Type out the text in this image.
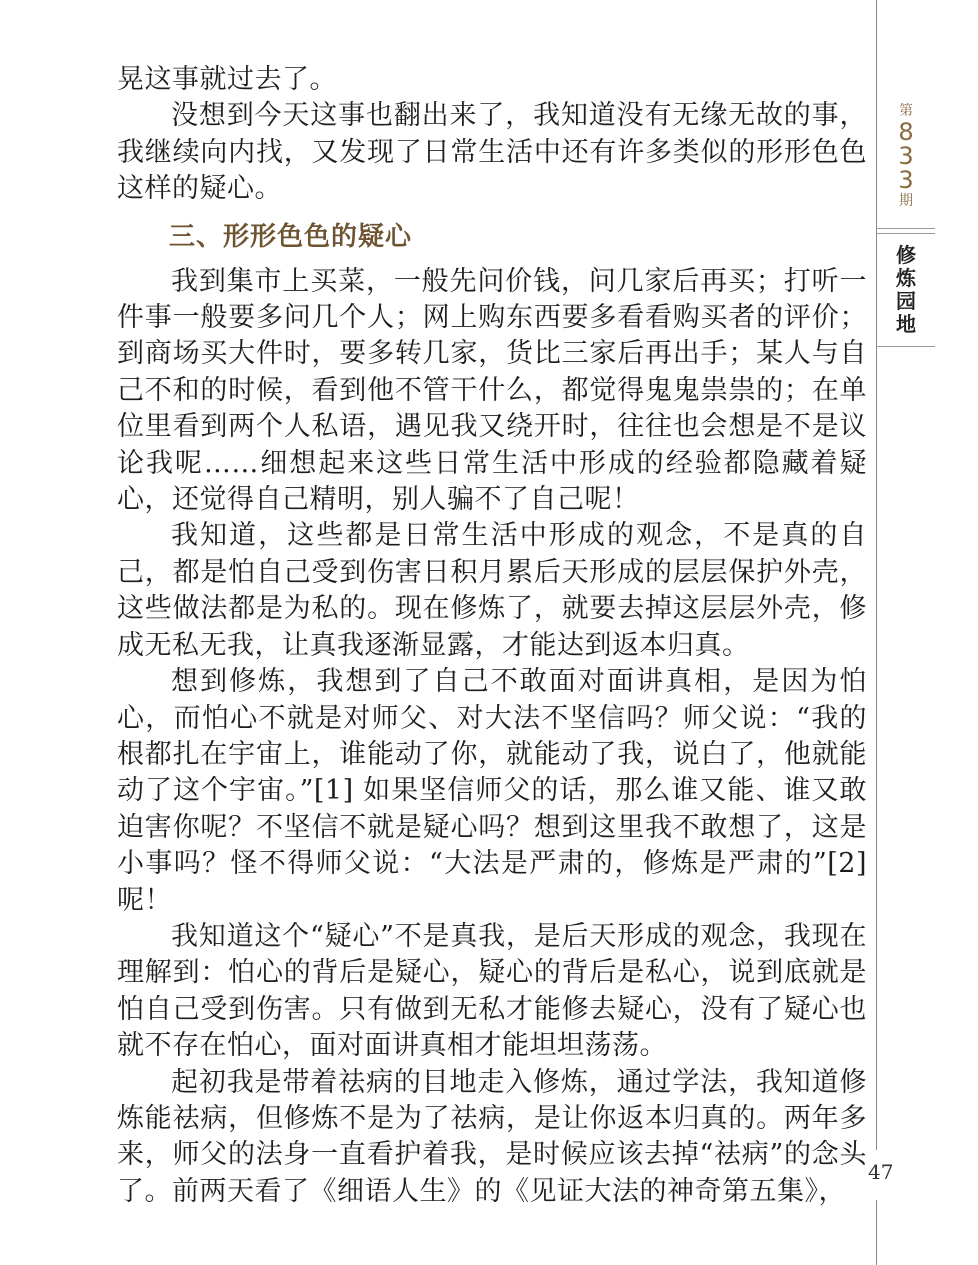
晃这事就过去了。

没想到今天这事也翻出来了，我知道没有无缘无故的事，我继续向内找，又发现了日常生活中还有许多类似的形形色色这样的疑心。

三、形形色色的疑心

我到集市上买菜，一般先问价钱，问几家后再买；打听一件事一般要多问几个人；网上购东西要多看看购买者的评价；到商场买大件时，要多转几家，货比三家后再出手；某人与自己不和的时候，看到他不管干什么，都觉得鬼鬼祟祟的；在单位里看到两个人私语，遇见我又绕开时，往往也会想是不是议论我呢……细想起来这些日常生活中形成的经验都隐藏着疑心，还觉得自己精明，别人骗不了自己呢！

我知道，这些都是日常生活中形成的观念，不是真的自己，都是怕自己受到伤害日积月累后天形成的层层保护外壳，这些做法都是为私的。现在修炼了，就要去掉这层层外壳，修成无私无我，让真我逐渐显露，才能达到返本归真。

想到修炼，我想到了自己不敢面对面讲真相，是因为怕心，而怕心不就是对师父、对大法不坚信吗？师父说：“我的根都扎在宇宙上，谁能动了你，就能动了我，说白了，他就能动了这个宇宙。”[1] 如果坚信师父的话，那么谁又能、谁又敢迫害你呢？不坚信不就是疑心吗？想到这里我不敢想了，这是小事吗？怪不得师父说：“大法是严肃的，修炼是严肃的”[2] 呢！

我知道这个“疑心”不是真我，是后天形成的观念，我现在理解到：怕心的背后是疑心，疑心的背后是私心，说到底就是怕自己受到伤害。只有做到无私才能修去疑心，没有了疑心也就不存在怕心，面对面讲真相才能坦坦荡荡。

起初我是带着祛病的目地走入修炼，通过学法，我知道修炼能祛病，但修炼不是为了祛病，是让你返本归真的。两年多来，师父的法身一直看护着我，是时候应该去掉“祛病”的念头了。前两天看了《细语人生》的《见证大法的神奇第五集》，

第
8
3
3
期
修
炼
园
地
47
